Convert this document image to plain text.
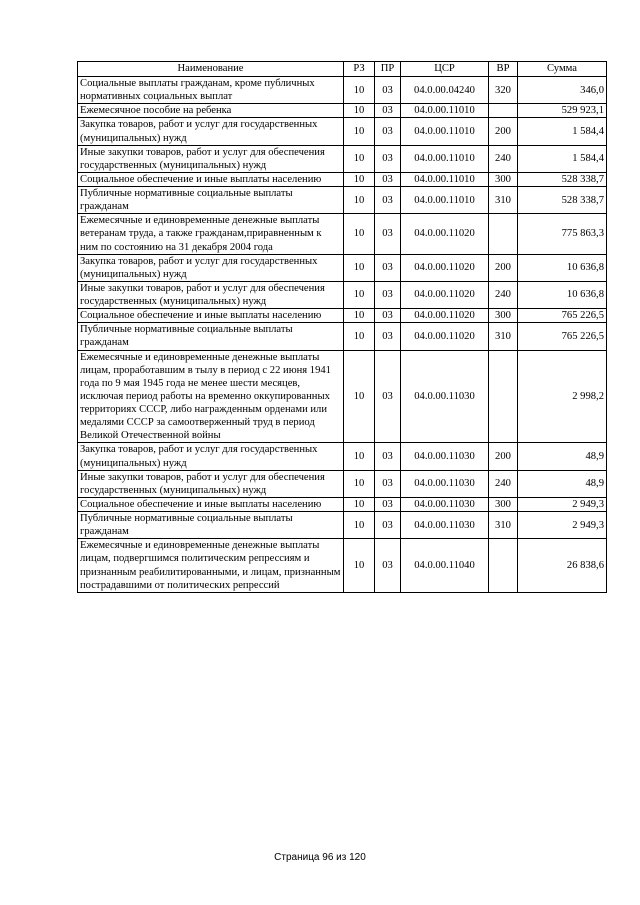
Наименование	РЗ	ПР	ЦСР	ВР	Сумма
Социальные выплаты гражданам, кроме публичных нормативных социальных выплат	10	03	04.0.00.04240	320	346,0
Ежемесячное пособие на ребенка	10	03	04.0.00.11010		529 923,1
Закупка товаров, работ и услуг для государственных (муниципальных) нужд	10	03	04.0.00.11010	200	1 584,4
Иные закупки товаров, работ и услуг для обеспечения государственных (муниципальных) нужд	10	03	04.0.00.11010	240	1 584,4
Социальное обеспечение и иные выплаты населению	10	03	04.0.00.11010	300	528 338,7
Публичные нормативные социальные выплаты гражданам	10	03	04.0.00.11010	310	528 338,7
Ежемесячные и единовременные денежные выплаты ветеранам труда, а также гражданам,приравненным к ним по состоянию на 31 декабря 2004 года	10	03	04.0.00.11020		775 863,3
Закупка товаров, работ и услуг для государственных (муниципальных) нужд	10	03	04.0.00.11020	200	10 636,8
Иные закупки товаров, работ и услуг для обеспечения государственных (муниципальных) нужд	10	03	04.0.00.11020	240	10 636,8
Социальное обеспечение и иные выплаты населению	10	03	04.0.00.11020	300	765 226,5
Публичные нормативные социальные выплаты гражданам	10	03	04.0.00.11020	310	765 226,5
Ежемесячные и единовременные денежные выплаты лицам, проработавшим в тылу в период с 22 июня 1941 года по 9 мая 1945 года не менее шести месяцев, исключая период работы на временно оккупированных территориях СССР, либо награжденным орденами или медалями СССР за самоотверженный труд в период Великой Отечественной войны	10	03	04.0.00.11030		2 998,2
Закупка товаров, работ и услуг для государственных (муниципальных) нужд	10	03	04.0.00.11030	200	48,9
Иные закупки товаров, работ и услуг для обеспечения государственных (муниципальных) нужд	10	03	04.0.00.11030	240	48,9
Социальное обеспечение и иные выплаты населению	10	03	04.0.00.11030	300	2 949,3
Публичные нормативные социальные выплаты гражданам	10	03	04.0.00.11030	310	2 949,3
Ежемесячные и единовременные денежные выплаты лицам, подвергшимся политическим репрессиям и признанным реабилитированными, и лицам, признанным пострадавшими от политических репрессий	10	03	04.0.00.11040		26 838,6
Страница 96 из 120
